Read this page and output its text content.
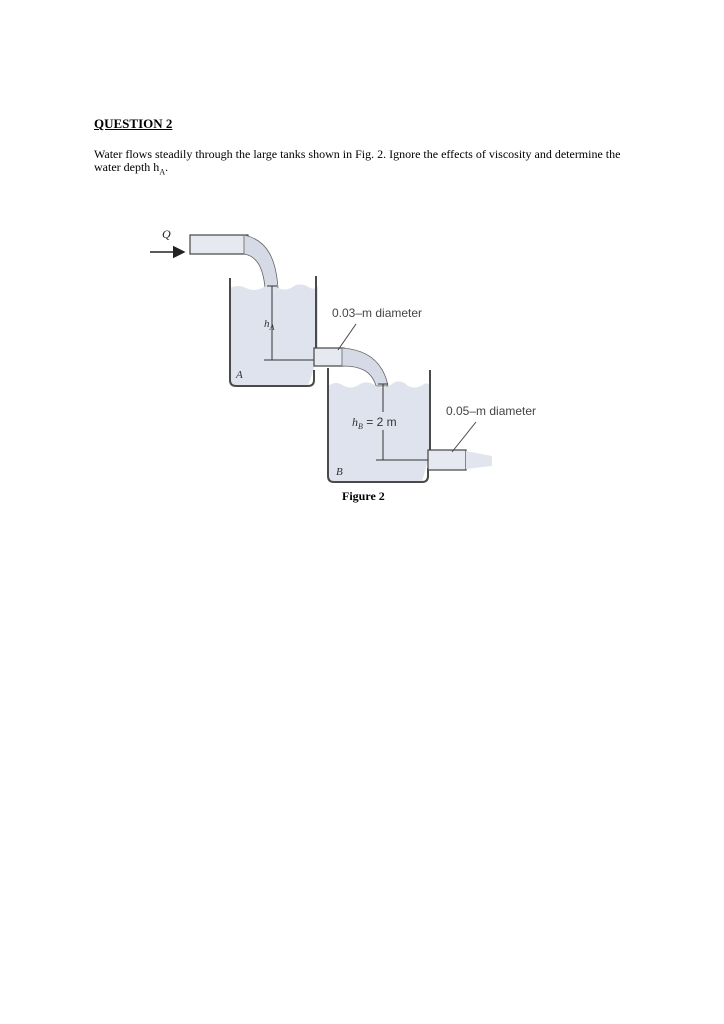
QUESTION 2
Water flows steadily through the large tanks shown in Fig. 2. Ignore the effects of viscosity and determine the water depth $h_A$.
Q
$h_A$
A
0.03–m diameter
$h_B = 2$ m
B
0.05–m diameter
Figure 2
